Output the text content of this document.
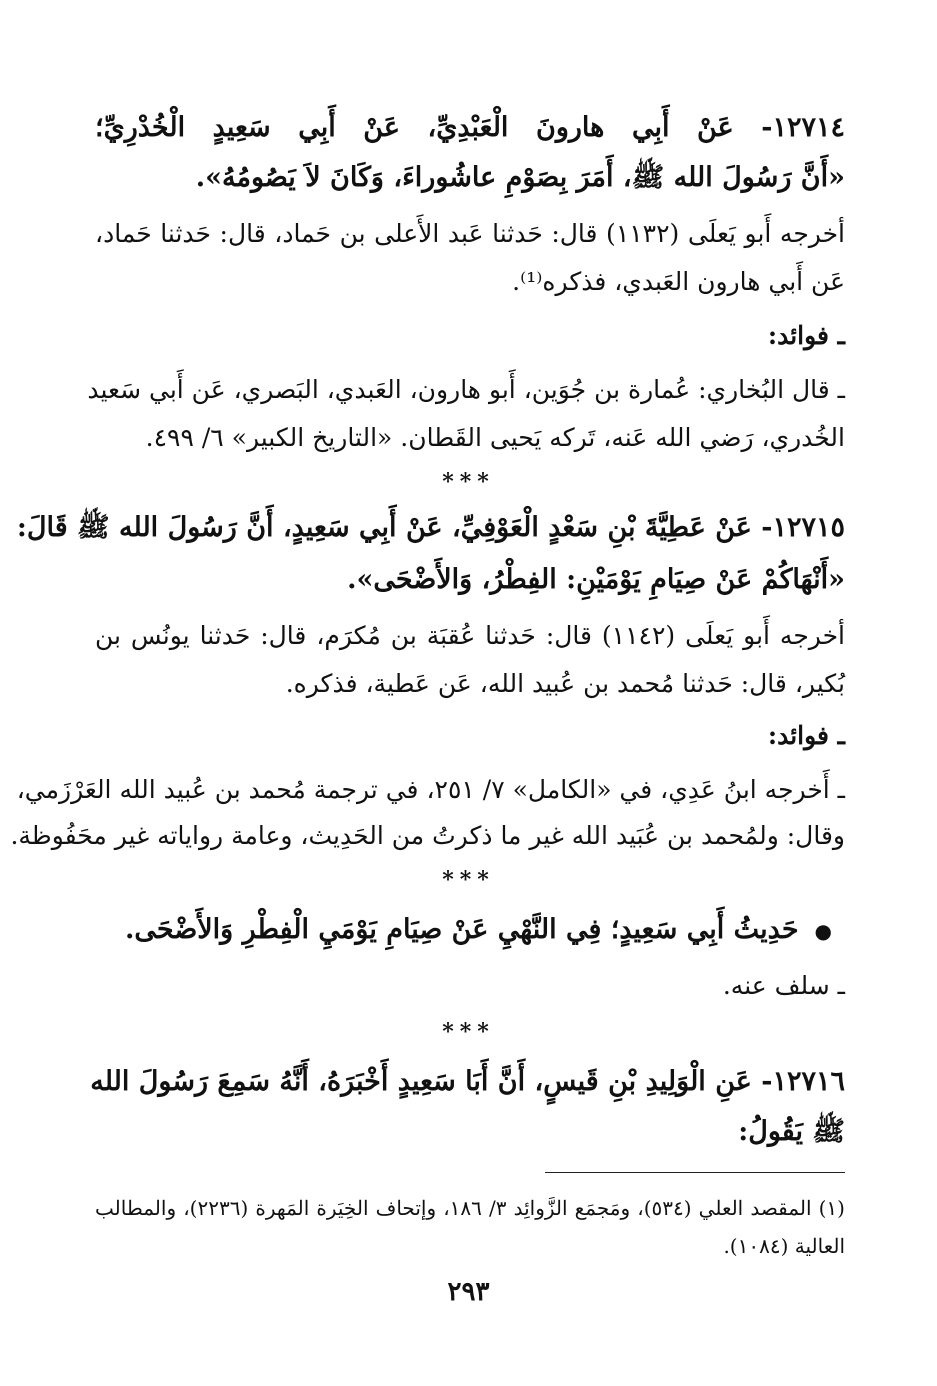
١٢٧١٤- عَنْ أَبِي هارونَ الْعَبْدِيِّ، عَنْ أَبِي سَعِيدٍ الْخُدْرِيِّ؛
«أَنَّ رَسُولَ الله ﷺ، أَمَرَ بِصَوْمِ عاشُوراءَ، وَكَانَ لاَ يَصُومُهُ».
أخرجه أَبو يَعلَى (١١٣٢) قال: حَدثنا عَبد الأَعلى بن حَماد، قال: حَدثنا حَماد،
عَن أَبي هارون العَبدي، فذكره⁽¹⁾.
ـ فوائد:
ـ قال البُخاري: عُمارة بن جُوَين، أَبو هارون، العَبدي، البَصري، عَن أَبي سَعيد
الخُدري، رَضي الله عَنه، تَركه يَحيى القَطان. «التاريخ الكبير» ٦/ ٤٩٩.
***
١٢٧١٥- عَنْ عَطِيَّةَ بْنِ سَعْدٍ الْعَوْفِيِّ، عَنْ أَبِي سَعِيدٍ، أَنَّ رَسُولَ الله ﷺ قَالَ:
«أَنْهَاكُمْ عَنْ صِيَامِ يَوْمَيْنِ: الفِطْرُ، وَالأَضْحَى».
أخرجه أَبو يَعلَى (١١٤٢) قال: حَدثنا عُقبَة بن مُكرَم، قال: حَدثنا يونُس بن
بُكير، قال: حَدثنا مُحمد بن عُبيد الله، عَن عَطية، فذكره.
ـ فوائد:
ـ أَخرجه ابنُ عَدِي، في «الكامل» ٧/ ٢٥١، في ترجمة مُحمد بن عُبيد الله العَرْزَمي،
وقال: ولمُحمد بن عُبَيد الله غير ما ذكرتُ من الحَدِيث، وعامة رواياته غير محَفُوظة.
***
●حَدِيثُ أَبِي سَعِيدٍ؛ فِي النَّهْيِ عَنْ صِيَامِ يَوْمَيِ الْفِطْرِ وَالأَضْحَى.
ـ سلف عنه.
***
١٢٧١٦- عَنِ الْوَلِيدِ بْنِ قَيسٍ، أَنَّ أَبَا سَعِيدٍ أَخْبَرَهُ، أَنَّهُ سَمِعَ رَسُولَ الله
ﷺ يَقُولُ:
(١) المقصد العلي (٥٣٤)، ومَجمَع الزَّوائِد ٣/ ١٨٦، وإتحاف الخِيَرة المَهرة (٢٢٣٦)، والمطالب
العالية (١٠٨٤).
٢٩٣
